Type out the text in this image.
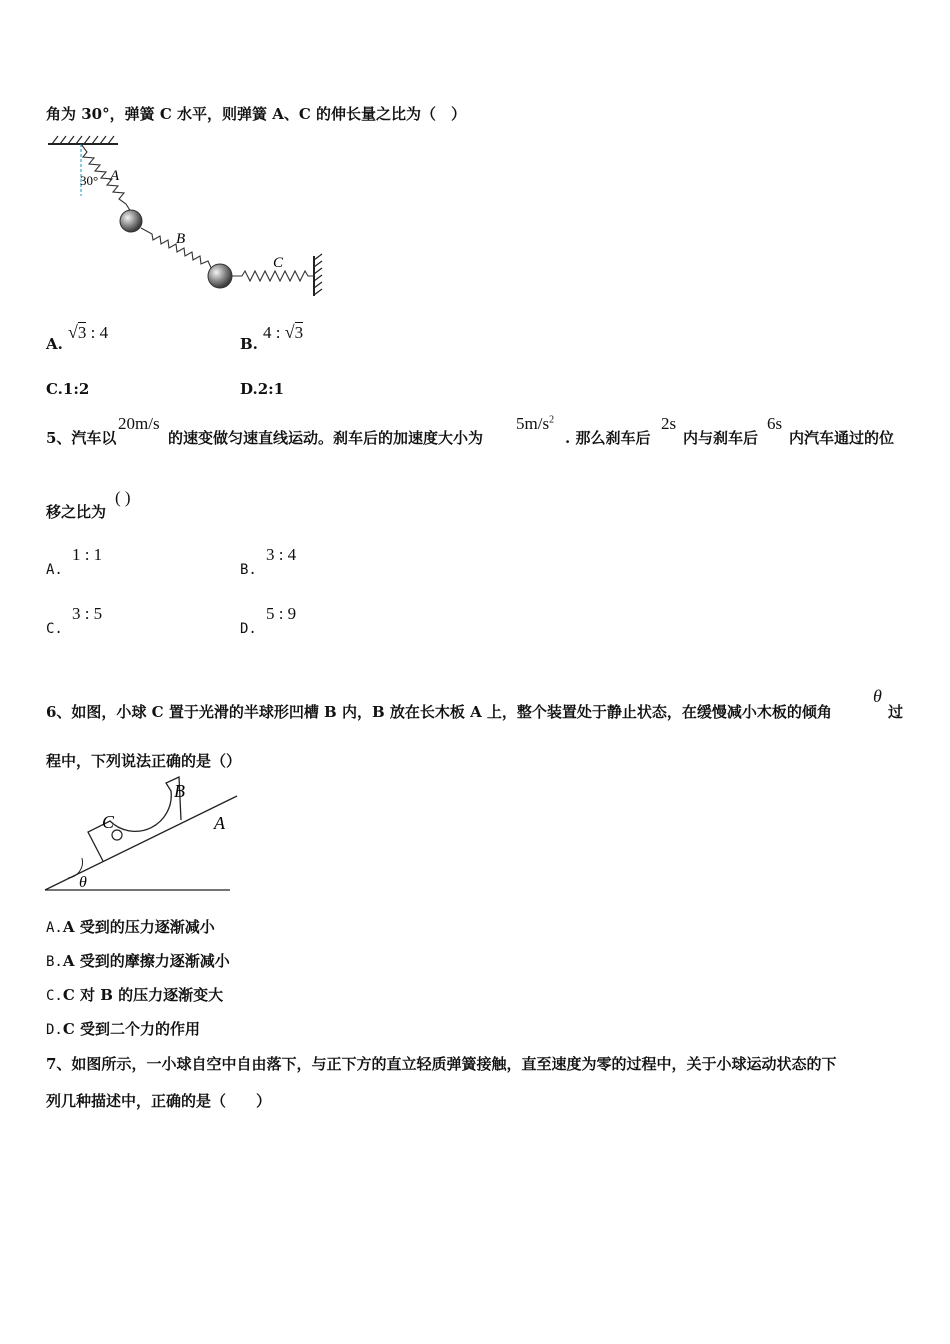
角为 30°，弹簧 C 水平，则弹簧 A、C 的伸长量之比为（　）
30° A
B
C
A. √3 : 4
B. 4 : √3
C.1:2	D.2:1
5、汽车以
20m/s
的速变做匀速直线运动。刹车后的加速度大小为
$5m/s^2$
. 那么刹车后
2s
内与刹车后
6s
内汽车通过的位
移之比为
( )
A. 1 : 1
B. 3 : 4
C. 3 : 5
D. 5 : 9
6、如图，小球 C 置于光滑的半球形凹槽 B 内，B 放在长木板 A 上，整个装置处于静止状态，在缓慢减小木板的倾角
θ
过
程中，下列说法正确的是（）
θ
C
B
A
A.A 受到的压力逐渐减小
B.A 受到的摩擦力逐渐减小
C.C 对 B 的压力逐渐变大
D.C 受到二个力的作用
7、如图所示，一小球自空中自由落下，与正下方的直立轻质弹簧接触，直至速度为零的过程中，关于小球运动状态的下
列几种描述中，正确的是（　　）
